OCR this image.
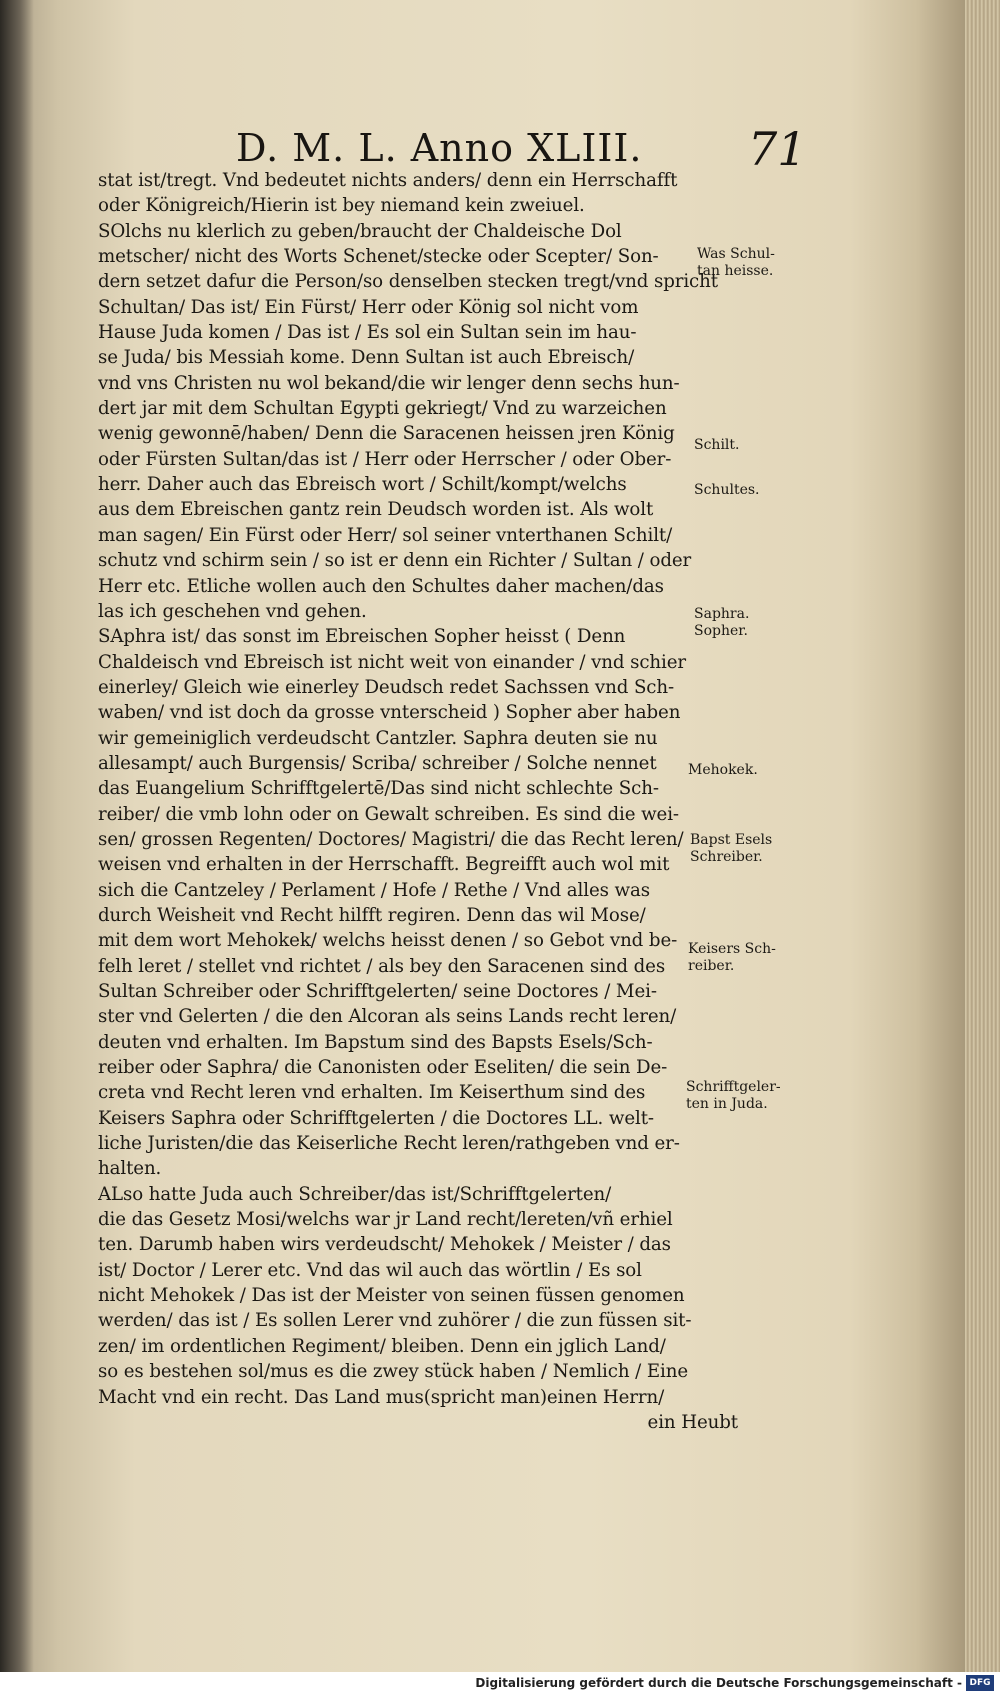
D. M. L. Anno XLIII. 71
stat ist/tregt. Vnd bedeutet nichts anders/ denn ein Herrschafft
oder Königreich/Hierin ist bey niemand kein zweiuel.
SOlchs nu klerlich zu geben/braucht der Chaldeische Dol
metscher/ nicht des Worts Schenet/stecke oder Scepter/ Son-
dern setzet dafur die Person/so denselben stecken tregt/vnd spricht
Schultan/ Das ist/ Ein Fürst/ Herr oder König sol nicht vom
Hause Juda komen / Das ist / Es sol ein Sultan sein im hau-
se Juda/ bis Messiah kome. Denn Sultan ist auch Ebreisch/
vnd vns Christen nu wol bekand/die wir lenger denn sechs hun-
dert jar mit dem Schultan Egypti gekriegt/ Vnd zu warzeichen
wenig gewonnē/haben/ Denn die Saracenen heissen jren König
oder Fürsten Sultan/das ist / Herr oder Herrscher / oder Ober-
herr. Daher auch das Ebreisch wort / Schilt/kompt/welchs
aus dem Ebreischen gantz rein Deudsch worden ist. Als wolt
man sagen/ Ein Fürst oder Herr/ sol seiner vnterthanen Schilt/
schutz vnd schirm sein / so ist er denn ein Richter / Sultan / oder
Herr etc. Etliche wollen auch den Schultes daher machen/das
las ich geschehen vnd gehen.
SAphra ist/ das sonst im Ebreischen Sopher heisst ( Denn
Chaldeisch vnd Ebreisch ist nicht weit von einander / vnd schier
einerley/ Gleich wie einerley Deudsch redet Sachssen vnd Sch-
waben/ vnd ist doch da grosse vnterscheid ) Sopher aber haben
wir gemeiniglich verdeudscht Cantzler. Saphra deuten sie nu
allesampt/ auch Burgensis/ Scriba/ schreiber / Solche nennet
das Euangelium Schrifftgelertē/Das sind nicht schlechte Sch-
reiber/ die vmb lohn oder on Gewalt schreiben. Es sind die wei-
sen/ grossen Regenten/ Doctores/ Magistri/ die das Recht leren/
weisen vnd erhalten in der Herrschafft. Begreifft auch wol mit
sich die Cantzeley / Perlament / Hofe / Rethe / Vnd alles was
durch Weisheit vnd Recht hilfft regiren. Denn das wil Mose/
mit dem wort Mehokek/ welchs heisst denen / so Gebot vnd be-
felh leret / stellet vnd richtet / als bey den Saracenen sind des
Sultan Schreiber oder Schrifftgelerten/ seine Doctores / Mei-
ster vnd Gelerten / die den Alcoran als seins Lands recht leren/
deuten vnd erhalten. Im Bapstum sind des Bapsts Esels/Sch-
reiber oder Saphra/ die Canonisten oder Eseliten/ die sein De-
creta vnd Recht leren vnd erhalten. Im Keiserthum sind des
Keisers Saphra oder Schrifftgelerten / die Doctores LL. welt-
liche Juristen/die das Keiserliche Recht leren/rathgeben vnd er-
halten.
ALso hatte Juda auch Schreiber/das ist/Schrifftgelerten/
die das Gesetz Mosi/welchs war jr Land recht/lereten/vñ erhiel
ten. Darumb haben wirs verdeudscht/ Mehokek / Meister / das
ist/ Doctor / Lerer etc. Vnd das wil auch das wörtlin / Es sol
nicht Mehokek / Das ist der Meister von seinen füssen genomen
werden/ das ist / Es sollen Lerer vnd zuhörer / die zun füssen sit-
zen/ im ordentlichen Regiment/ bleiben. Denn ein jglich Land/
so es bestehen sol/mus es die zwey stück haben / Nemlich / Eine
Macht vnd ein recht. Das Land mus(spricht man)einen Herrn/
ein Heubt
Was Schul-
tan heisse.
Schilt.
Schultes.
Saphra.
Sopher.
Mehokek.
Bapst Esels
Schreiber.
Keisers Sch-
reiber.
Schrifftgeler-
ten in Juda.
Digitalisierung gefördert durch die Deutsche Forschungsgemeinschaft - DFG
